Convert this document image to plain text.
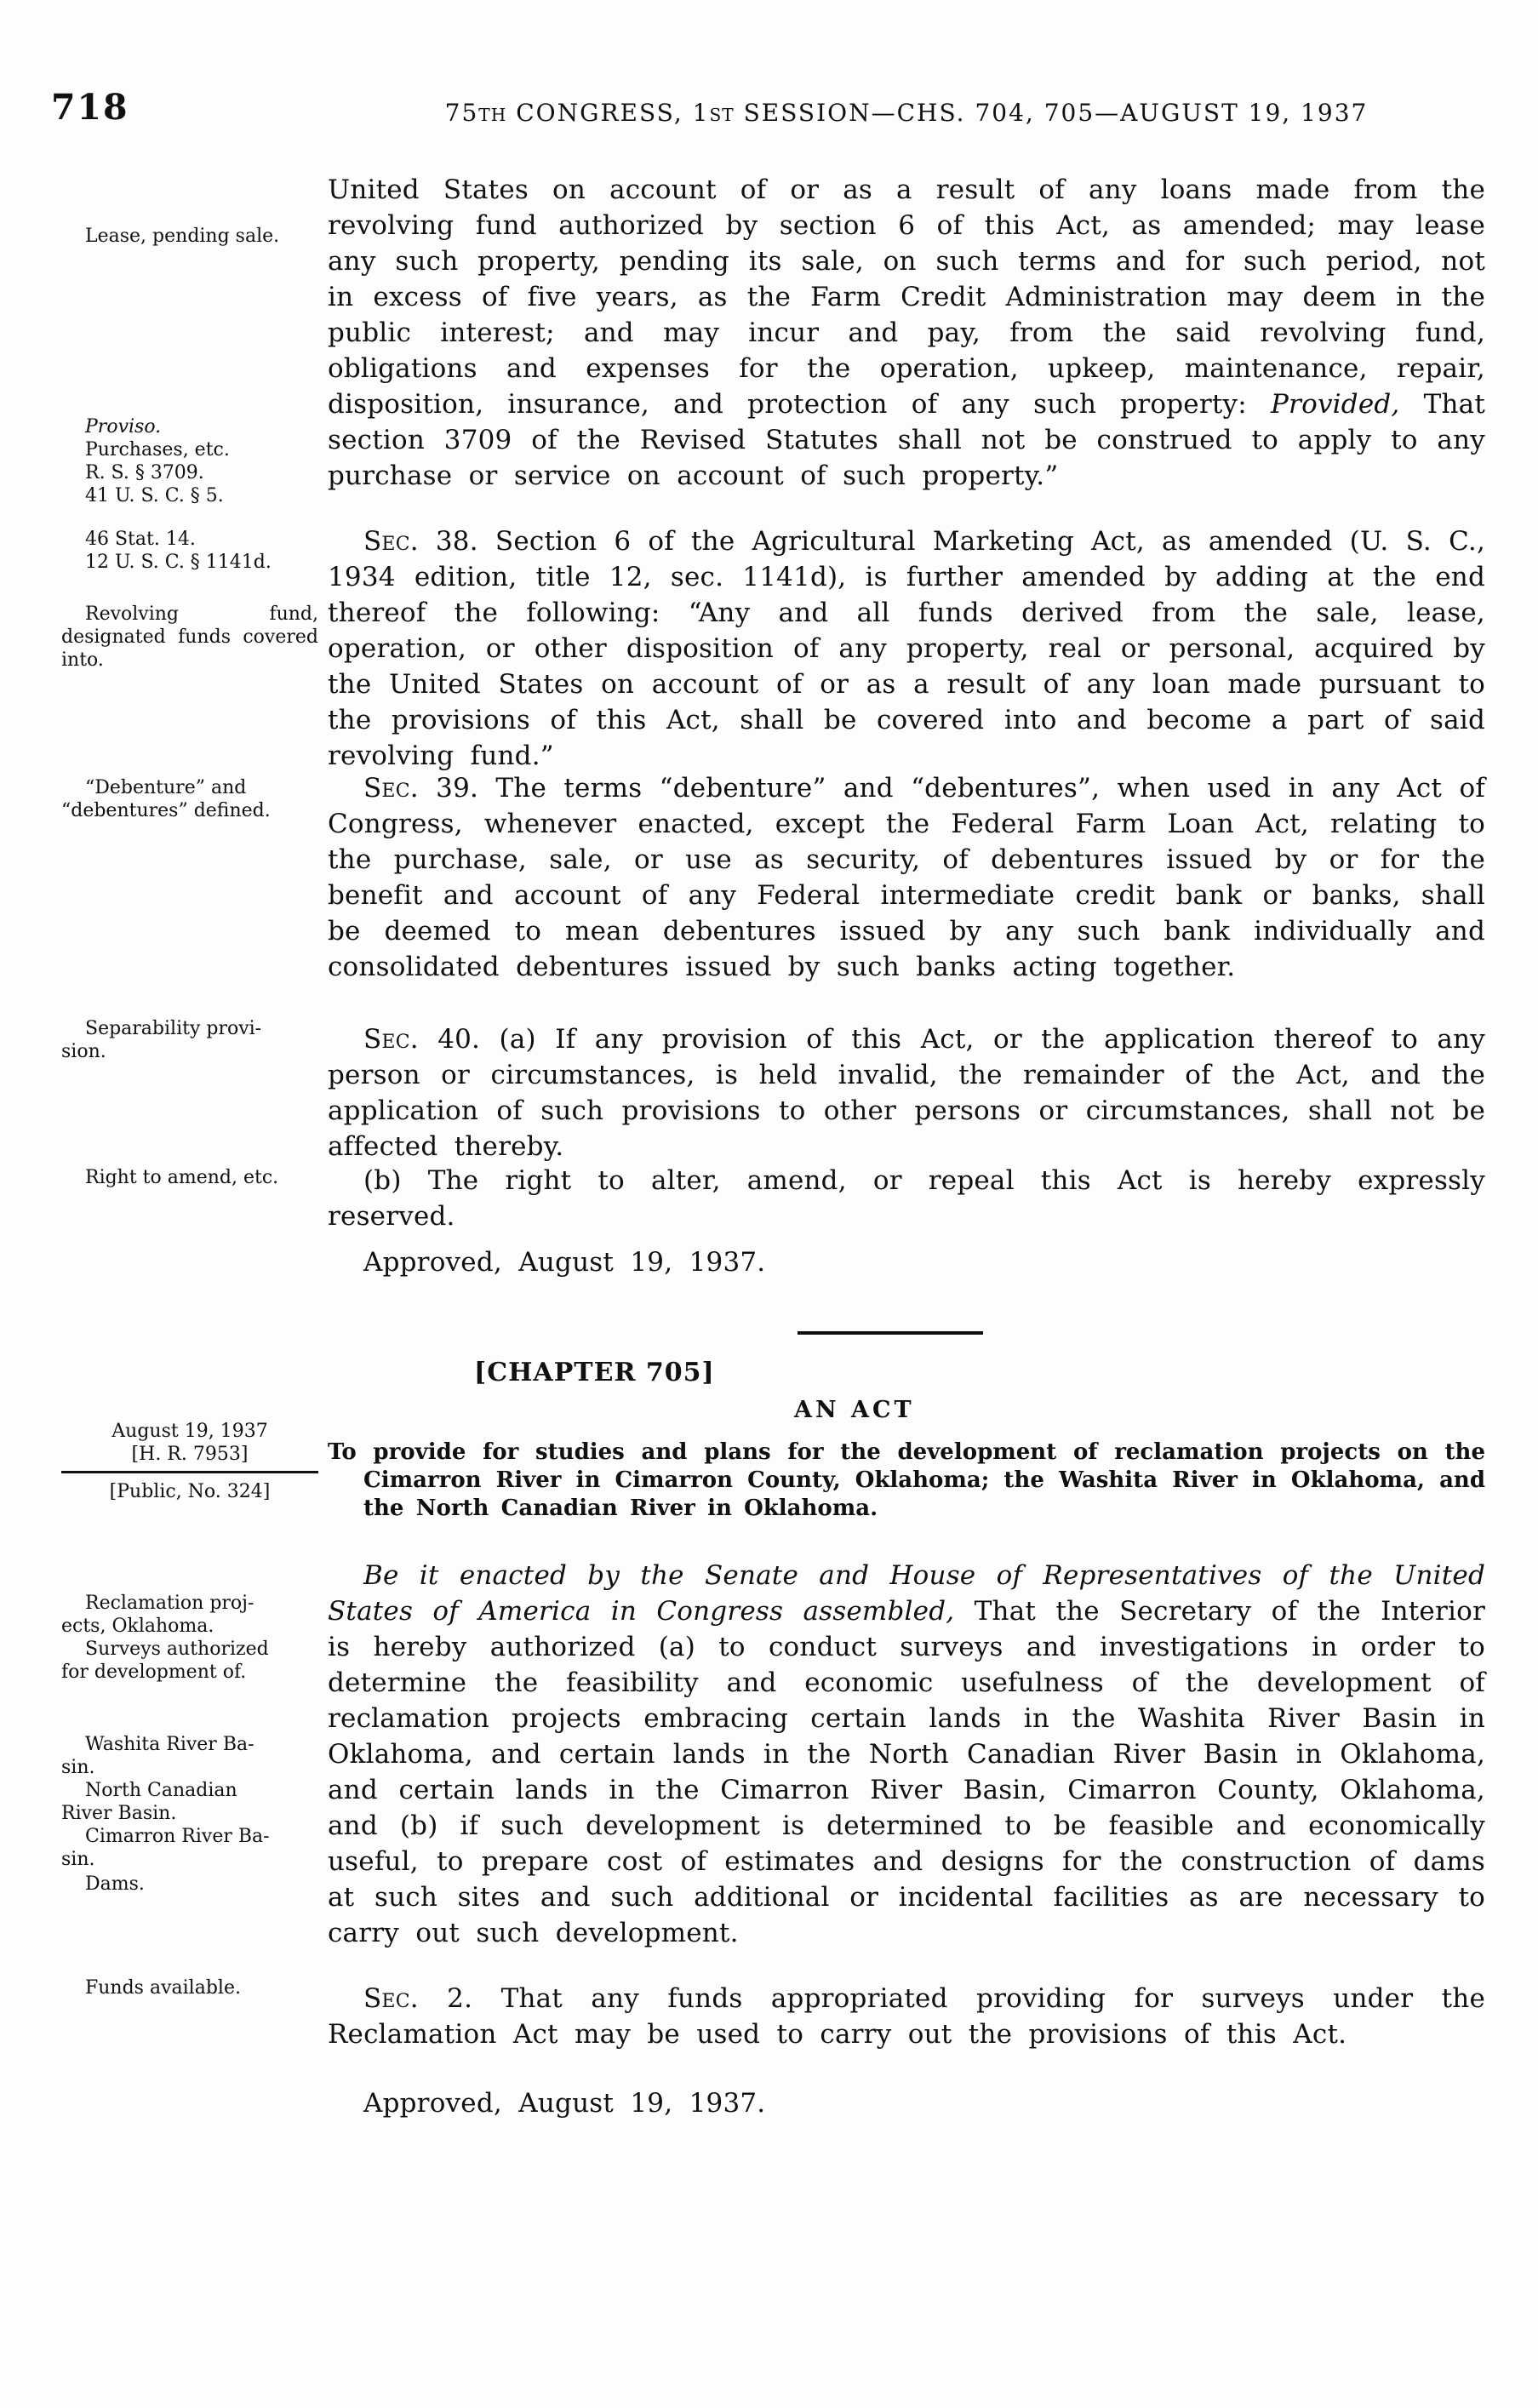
718	75TH CONGRESS, 1ST SESSION—CHS. 704, 705—AUGUST 19, 1937
Lease, pending sale.
Proviso.
Purchases, etc.
R. S. § 3709.
41 U. S. C. § 5.
46 Stat. 14.
12 U. S. C. § 1141d.
Revolving fund, designated funds covered into.
“Debenture” and
“debentures” defined.
Separability provi-
sion.
Right to amend, etc.
August 19, 1937
[H. R. 7953]
[Public, No. 324]
Reclamation proj-
ects, Oklahoma.
Surveys authorized
for development of.
Washita River Ba-
sin.
North Canadian
River Basin.
Cimarron River Ba-
sin.
Dams.
Funds available.

United States on account of or as a result of any loans made from the revolving fund authorized by section 6 of this Act, as amended; may lease any such property, pending its sale, on such terms and for such period, not in excess of five years, as the Farm Credit Administration may deem in the public interest; and may incur and pay, from the said revolving fund, obligations and expenses for the operation, upkeep, maintenance, repair, disposition, insurance, and protection of any such property: Provided, That section 3709 of the Revised Statutes shall not be construed to apply to any purchase or service on account of such property.”

Sec. 38. Section 6 of the Agricultural Marketing Act, as amended (U. S. C., 1934 edition, title 12, sec. 1141d), is further amended by adding at the end thereof the following: “Any and all funds derived from the sale, lease, operation, or other disposition of any property, real or personal, acquired by the United States on account of or as a result of any loan made pursuant to the provisions of this Act, shall be covered into and become a part of said revolving fund.”

Sec. 39. The terms “debenture” and “debentures”, when used in any Act of Congress, whenever enacted, except the Federal Farm Loan Act, relating to the purchase, sale, or use as security, of debentures issued by or for the benefit and account of any Federal intermediate credit bank or banks, shall be deemed to mean debentures issued by any such bank individually and consolidated debentures issued by such banks acting together.

Sec. 40. (a) If any provision of this Act, or the application thereof to any person or circumstances, is held invalid, the remainder of the Act, and the application of such provisions to other persons or circumstances, shall not be affected thereby.

(b) The right to alter, amend, or repeal this Act is hereby expressly reserved.

Approved, August 19, 1937.

[CHAPTER 705]
AN ACT

To provide for studies and plans for the development of reclamation projects on the Cimarron River in Cimarron County, Oklahoma; the Washita River in Oklahoma, and the North Canadian River in Oklahoma.

Be it enacted by the Senate and House of Representatives of the United States of America in Congress assembled, That the Secretary of the Interior is hereby authorized (a) to conduct surveys and investigations in order to determine the feasibility and economic usefulness of the development of reclamation projects embracing certain lands in the Washita River Basin in Oklahoma, and certain lands in the North Canadian River Basin in Oklahoma, and certain lands in the Cimarron River Basin, Cimarron County, Oklahoma, and (b) if such development is determined to be feasible and economically useful, to prepare cost of estimates and designs for the construction of dams at such sites and such additional or incidental facilities as are necessary to carry out such development.

Sec. 2. That any funds appropriated providing for surveys under the Reclamation Act may be used to carry out the provisions of this Act.

Approved, August 19, 1937.
